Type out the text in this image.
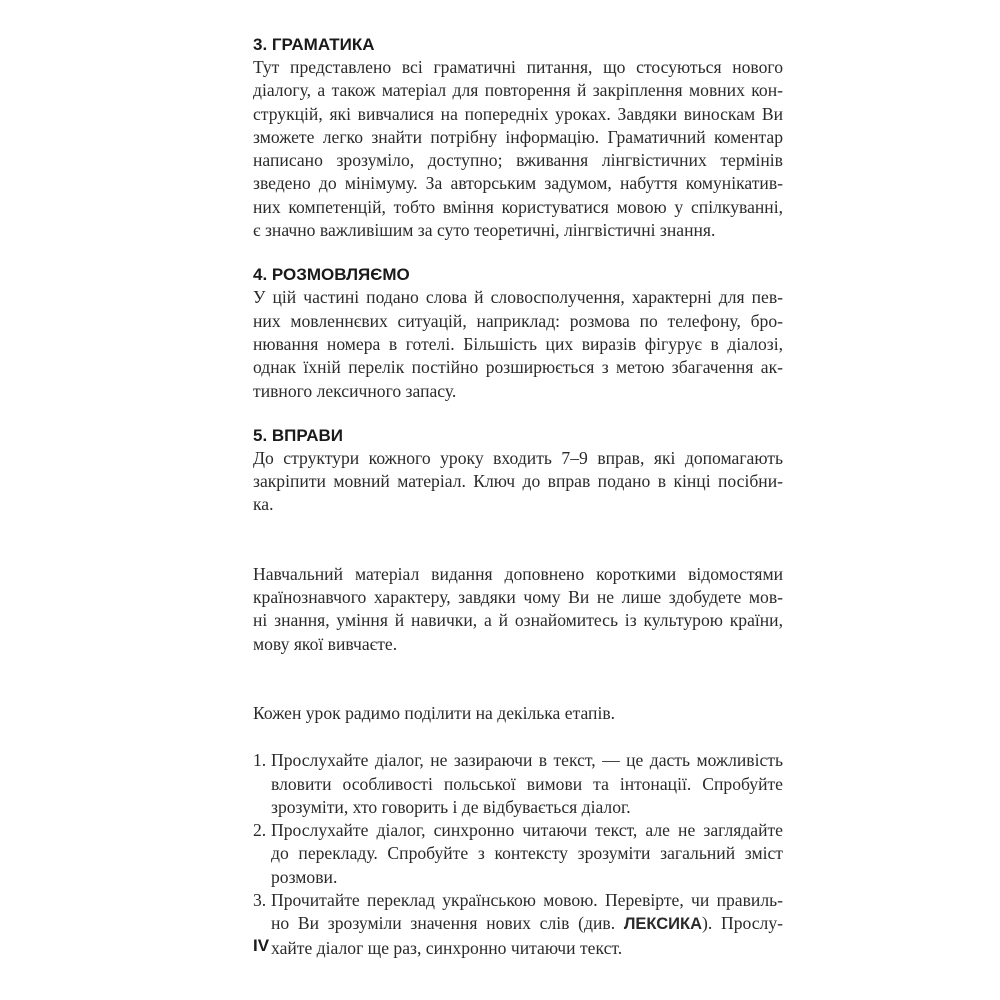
3. ГРАМАТИКА

Тут представлено всі граматичні питання, що стосуються нового
діалогу, а також матеріал для повторення й закріплення мовних кон-
струкцій, які вивчалися на попередніх уроках. Завдяки виноскам Ви
зможете легко знайти потрібну інформацію. Граматичний коментар
написано зрозуміло, доступно; вживання лінгвістичних термінів
зведено до мінімуму. За авторським задумом, набуття комунікатив-
них компетенцій, тобто вміння користуватися мовою у спілкуванні,
є значно важливішим за суто теоретичні, лінгвістичні знання.

4. РОЗМОВЛЯЄМО

У цій частині подано слова й словосполучення, характерні для пев-
них мовленнєвих ситуацій, наприклад: розмова по телефону, бро-
нювання номера в готелі. Більшість цих виразів фігурує в діалозі,
однак їхній перелік постійно розширюється з метою збагачення ак-
тивного лексичного запасу.

5. ВПРАВИ

До структури кожного уроку входить 7–9 вправ, які допомагають
закріпити мовний матеріал. Ключ до вправ подано в кінці посібни-
ка.

Навчальний матеріал видання доповнено короткими відомостями
країнознавчого характеру, завдяки чому Ви не лише здобудете мов-
ні знання, уміння й навички, а й ознайомитесь із культурою країни,
мову якої вивчаєте.

Кожен урок радимо поділити на декілька етапів.

1. Прослухайте діалог, не зазираючи в текст, — це дасть можливість
вловити особливості польської вимови та інтонації. Спробуйте
зрозуміти, хто говорить і де відбувається діалог.
2. Прослухайте діалог, синхронно читаючи текст, але не заглядайте
до перекладу. Спробуйте з контексту зрозуміти загальний зміст
розмови.
3. Прочитайте переклад українською мовою. Перевірте, чи правиль-
но Ви зрозуміли значення нових слів (див. ЛЕКСИКА). Прослу-
хайте діалог ще раз, синхронно читаючи текст.
IV
